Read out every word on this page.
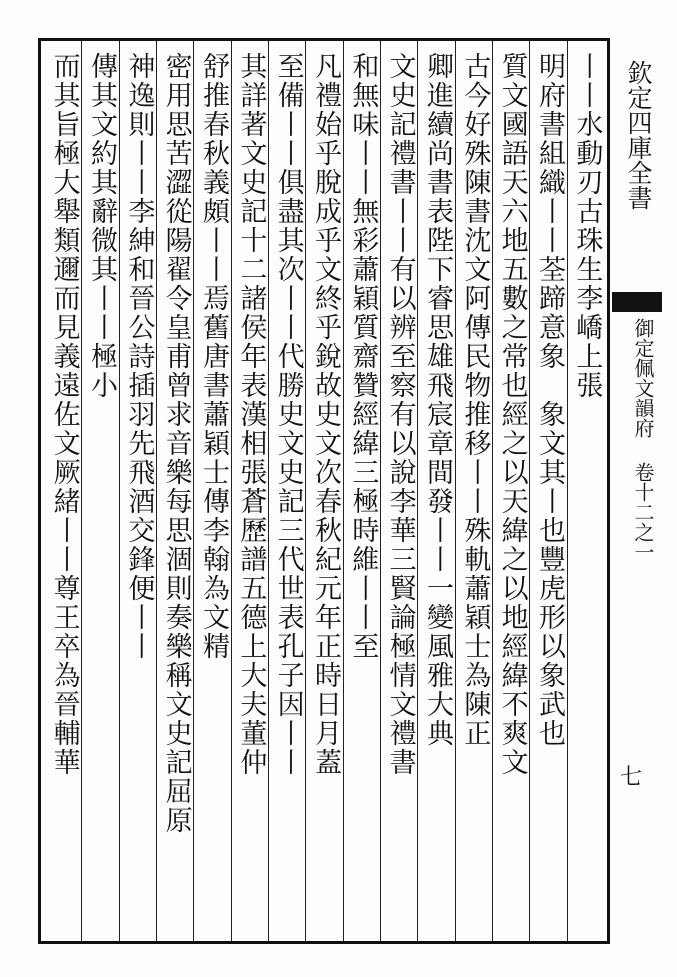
欽定四庫全書
御定佩文韻府 卷十二之一
七
丨丨水動刃古珠生李嶠上張
明府書組織丨丨荃蹄意象　象文其丨也豐虎形以象武也
質文國語天六地五數之常也經之以天緯之以地經緯不爽文
古今好殊陳書沈文阿傳民物推移丨丨殊軌蕭穎士為陳正
卿進續尚書表陛下睿思雄飛宸章間發丨丨一變風雅大典
文史記禮書丨丨有以辨至察有以說李華三賢論極情文禮書
和無味丨丨無彩蕭穎質齋贊經緯三極時維丨丨至
凡禮始乎脫成乎文終乎銳故史文次春秋紀元年正時日月蓋
至備丨丨俱盡其次丨丨代勝史文史記三代世表孔子因丨丨
其詳著文史記十二諸侯年表漢相張蒼歷譜五德上大夫董仲
舒推春秋義頗丨丨焉舊唐書蕭穎士傳李翰為文精
密用思苦澀從陽翟令皇甫曾求音樂每思涸則奏樂稱文史記屈原
神逸則丨丨李紳和晉公詩插羽先飛酒交鋒便丨丨
傳其文約其辭微其丨丨極小
而其旨極大舉類邇而見義遠佐文厥緒丨丨尊王卒為晉輔華
